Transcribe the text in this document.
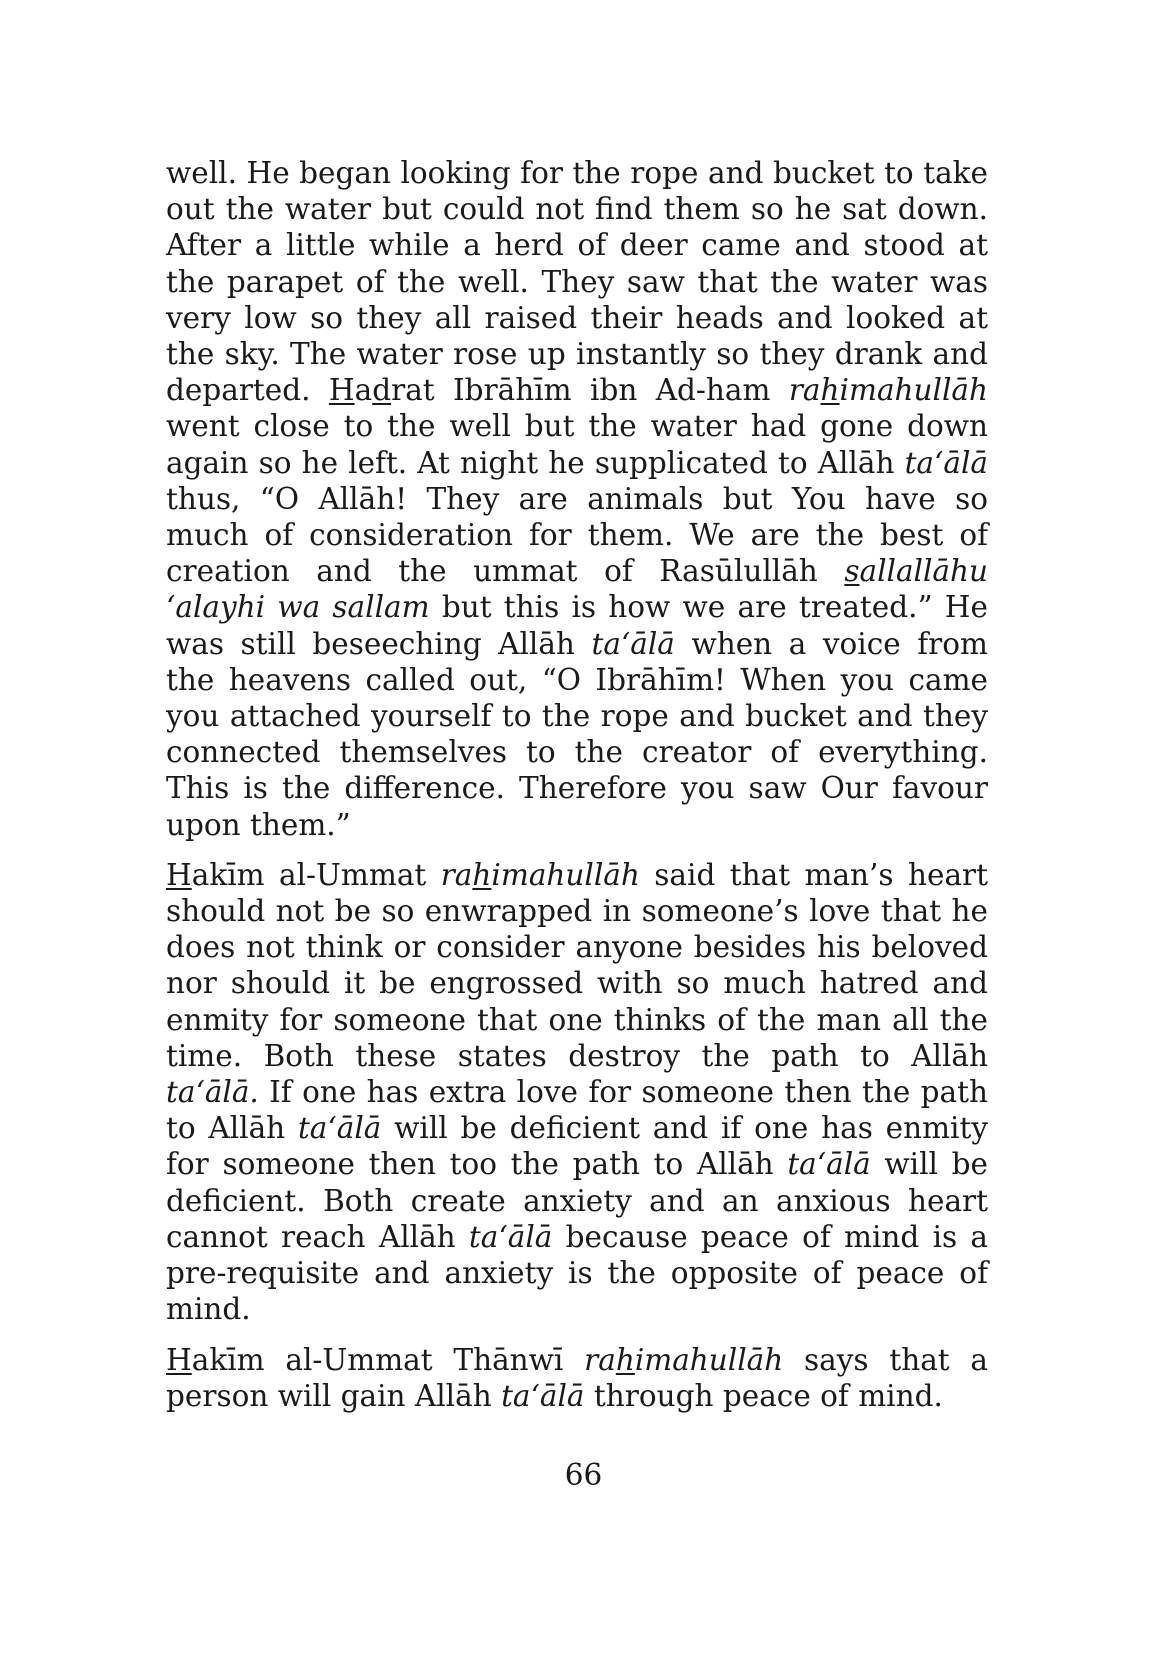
well. He began looking for the rope and bucket to take out the water but could not find them so he sat down. After a little while a herd of deer came and stood at the parapet of the well. They saw that the water was very low so they all raised their heads and looked at the sky. The water rose up instantly so they drank and departed. Hadrat Ibrāhīm ibn Ad-ham rahimahullāh went close to the well but the water had gone down again so he left. At night he supplicated to Allāh ta‘ālā thus, “O Allāh! They are animals but You have so much of consideration for them. We are the best of creation and the ummat of Rasūlullāh sallallāhu ‘alayhi wa sallam but this is how we are treated.” He was still beseeching Allāh ta‘ālā when a voice from the heavens called out, “O Ibrāhīm! When you came you attached yourself to the rope and bucket and they connected themselves to the creator of everything. This is the difference. Therefore you saw Our favour upon them.”

Hakīm al-Ummat rahimahullāh said that man’s heart should not be so enwrapped in someone’s love that he does not think or consider anyone besides his beloved nor should it be engrossed with so much hatred and enmity for someone that one thinks of the man all the time. Both these states destroy the path to Allāh ta‘ālā. If one has extra love for someone then the path to Allāh ta‘ālā will be deficient and if one has enmity for someone then too the path to Allāh ta‘ālā will be deficient. Both create anxiety and an anxious heart cannot reach Allāh ta‘ālā because peace of mind is a pre-requisite and anxiety is the opposite of peace of mind.

Hakīm al-Ummat Thānwī rahimahullāh says that a person will gain Allāh ta‘ālā through peace of mind.

66
